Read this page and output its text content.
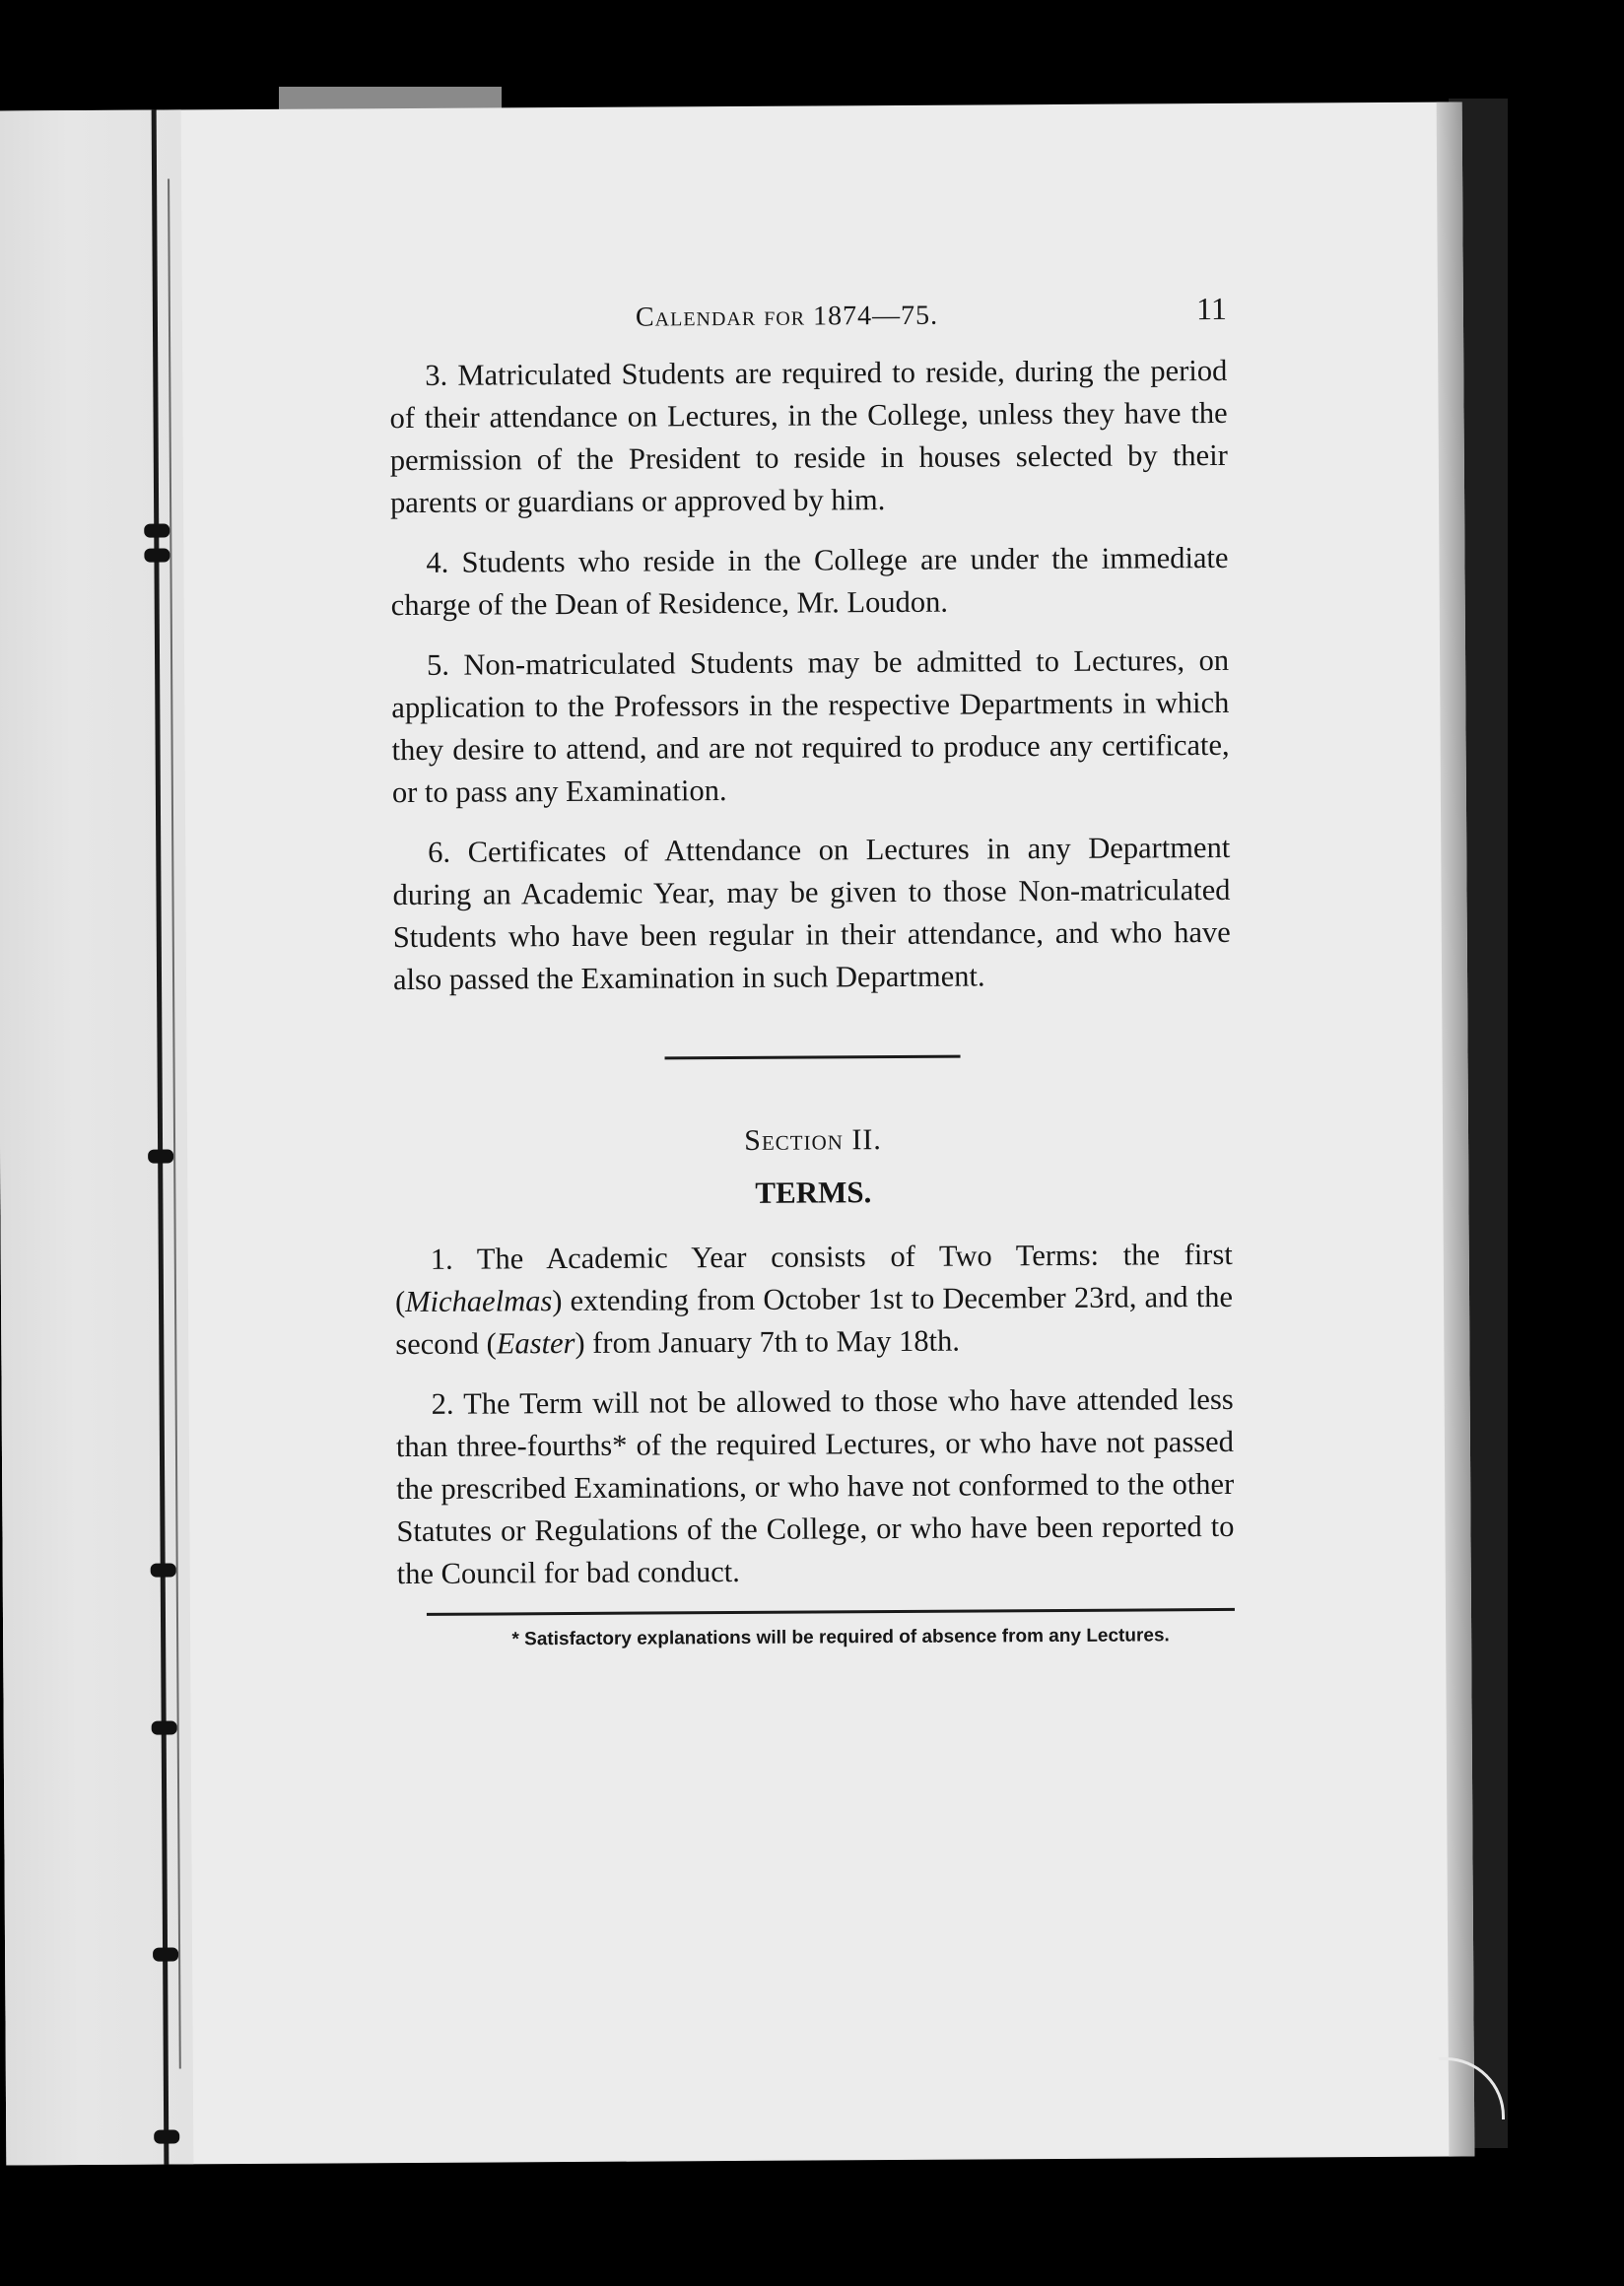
Calendar for 1874—75.	11

3. Matriculated Students are required to reside, during the period of their attendance on Lectures, in the College, unless they have the permission of the President to reside in houses selected by their parents or guardians or approved by him.

4. Students who reside in the College are under the immediate charge of the Dean of Residence, Mr. Loudon.

5. Non-matriculated Students may be admitted to Lectures, on application to the Professors in the respective Departments in which they desire to attend, and are not required to produce any certificate, or to pass any Examination.

6. Certificates of Attendance on Lectures in any Department during an Academic Year, may be given to those Non-matriculated Students who have been regular in their attendance, and who have also passed the Examination in such Department.

Section II.
TERMS.

1. The Academic Year consists of Two Terms: the first (Michaelmas) extending from October 1st to December 23rd, and the second (Easter) from January 7th to May 18th.

2. The Term will not be allowed to those who have attended less than three-fourths* of the required Lectures, or who have not passed the prescribed Examinations, or who have not conformed to the other Statutes or Regulations of the College, or who have been reported to the Council for bad conduct.

* Satisfactory explanations will be required of absence from any Lectures.
